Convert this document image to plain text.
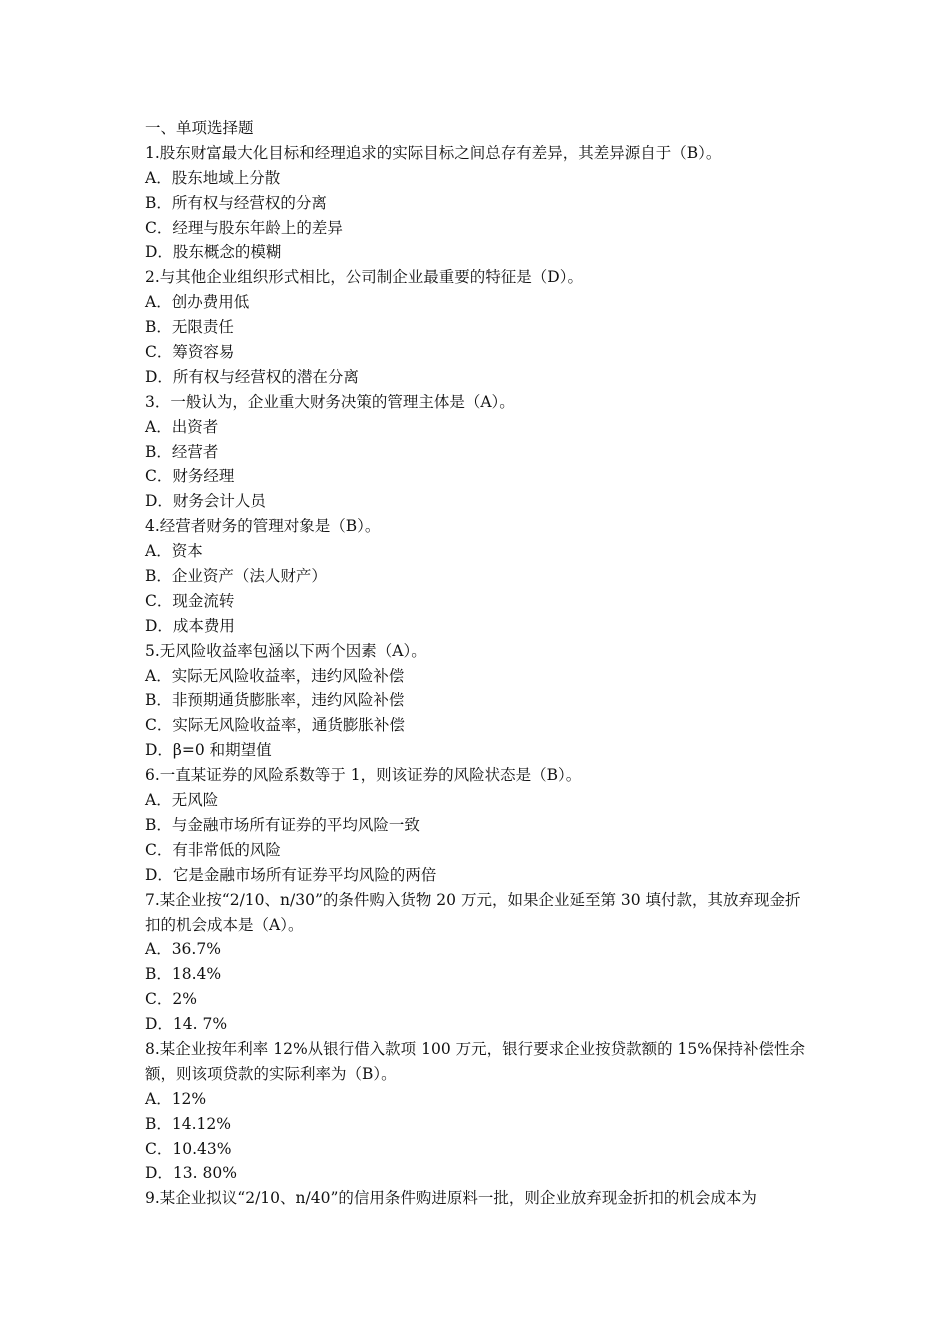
一、单项选择题
1.股东财富最大化目标和经理追求的实际目标之间总存有差异，其差异源自于（B）。
A．股东地域上分散
B．所有权与经营权的分离
C．经理与股东年龄上的差异
D．股东概念的模糊
2.与其他企业组织形式相比，公司制企业最重要的特征是（D）。
A．创办费用低
B．无限责任
C．筹资容易
D．所有权与经营权的潜在分离
3．一般认为，企业重大财务决策的管理主体是（A）。
A．出资者
B．经营者
C．财务经理
D．财务会计人员
4.经营者财务的管理对象是（B）。
A．资本
B．企业资产（法人财产）
C．现金流转
D．成本费用
5.无风险收益率包涵以下两个因素（A）。
A．实际无风险收益率，违约风险补偿
B．非预期通货膨胀率，违约风险补偿
C．实际无风险收益率，通货膨胀补偿
D．β=0 和期望值
6.一直某证券的风险系数等于 1，则该证券的风险状态是（B）。
A．无风险
B．与金融市场所有证券的平均风险一致
C．有非常低的风险
D．它是金融市场所有证券平均风险的两倍
7.某企业按“2/10、n/30”的条件购入货物 20 万元，如果企业延至第 30 填付款，其放弃现金折扣的机会成本是（A）。
A．36.7%
B．18.4%
C．2%
D．14. 7%
8.某企业按年利率 12%从银行借入款项 100 万元，银行要求企业按贷款额的 15%保持补偿性余额，则该项贷款的实际利率为（B）。
A．12%
B．14.12%
C．10.43%
D．13. 80%
9.某企业拟议“2/10、n/40”的信用条件购进原料一批，则企业放弃现金折扣的机会成本为
